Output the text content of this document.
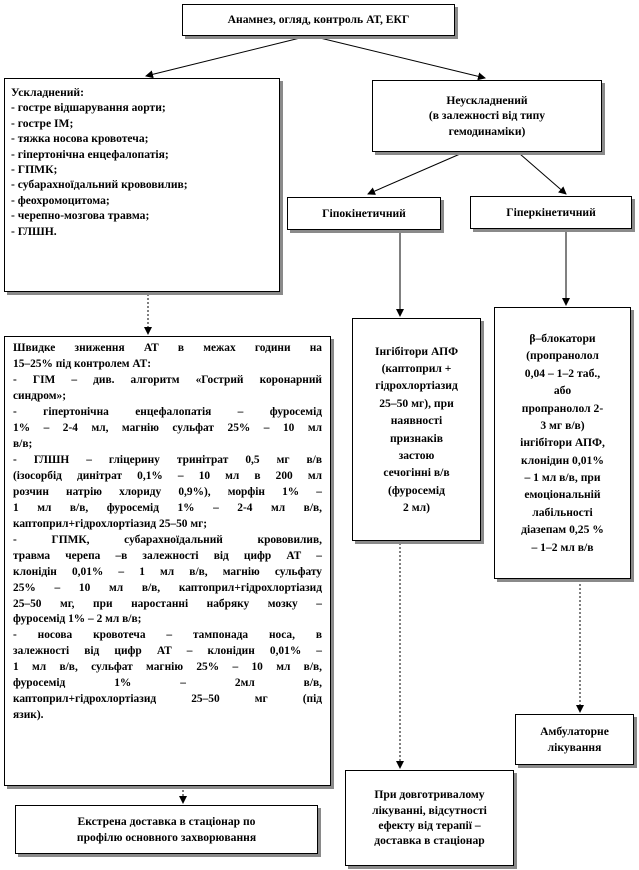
Анамнез, огляд, контроль АТ, ЕКГ
Ускладнений:
- гостре відшарування аорти;
- гостре ІМ;
- тяжка носова кровотеча;
- гіпертонічна енцефалопатія;
- ГПМК;
- субарахноїдальний крововилив;
- феохромоцитома;
- черепно-мозгова травма;
- ГЛШН.
Неускладнений
(в залежності від типу
гемодинаміки)
Гіпокінетичний	Гіперкінетичний
Швидке зниження АТ в межах години на
15–25% під контролем АТ:
- ГІМ – див. алгоритм «Гострий коронарний
синдром»;
- гіпертонічна енцефалопатія – фуросемід
1% – 2-4 мл, магнію сульфат 25% – 10 мл
в/в;
- ГЛШН – гліцерину тринітрат 0,5 мг в/в
(ізосорбід динітрат 0,1% – 10 мл в 200 мл
розчин натрію хлориду 0,9%), морфін 1% –
1 мл в/в, фуросемід 1% – 2-4 мл в/в,
каптоприл+гідрохлортіазид 25–50 мг;
- ГПМК, субарахноїдальний крововилив,
травма черепа –в залежності від цифр АТ –
клонідін 0,01% – 1 мл в/в, магнію сульфату
25% – 10 мл в/в, каптоприл+гідрохлортіазид
25–50 мг, при наростанні набряку мозку –
фуросемід 1% – 2 мл в/в;
- носова кровотеча – тампонада носа, в
залежності від цифр АТ – клонідин 0,01% –
1 мл в/в, сульфат магнію 25% – 10 мл в/в,
фуросемід 1% – 2мл в/в,
каптоприл+гідрохлортіазид 25–50 мг (під
язик).
Інгібітори АПФ
(каптоприл +
гідрохлортіазид
25–50 мг), при
наявності
признаків
застою
сечогінні в/в
(фуросемід
2 мл)
β–блокатори
(пропранолол
0,04 – 1–2 таб.,
або
пропранолол 2-
3 мг в/в)
інгібітори АПФ,
клонідин 0,01%
– 1 мл в/в, при
емоціональній
лабільності
діазепам 0,25 %
– 1–2 мл в/в
Амбулаторне
лікування
При довготривалому
лікуванні, відсутності
ефекту від терапії –
доставка в стаціонар
Екстрена доставка в стаціонар по
профілю основного захворювання
